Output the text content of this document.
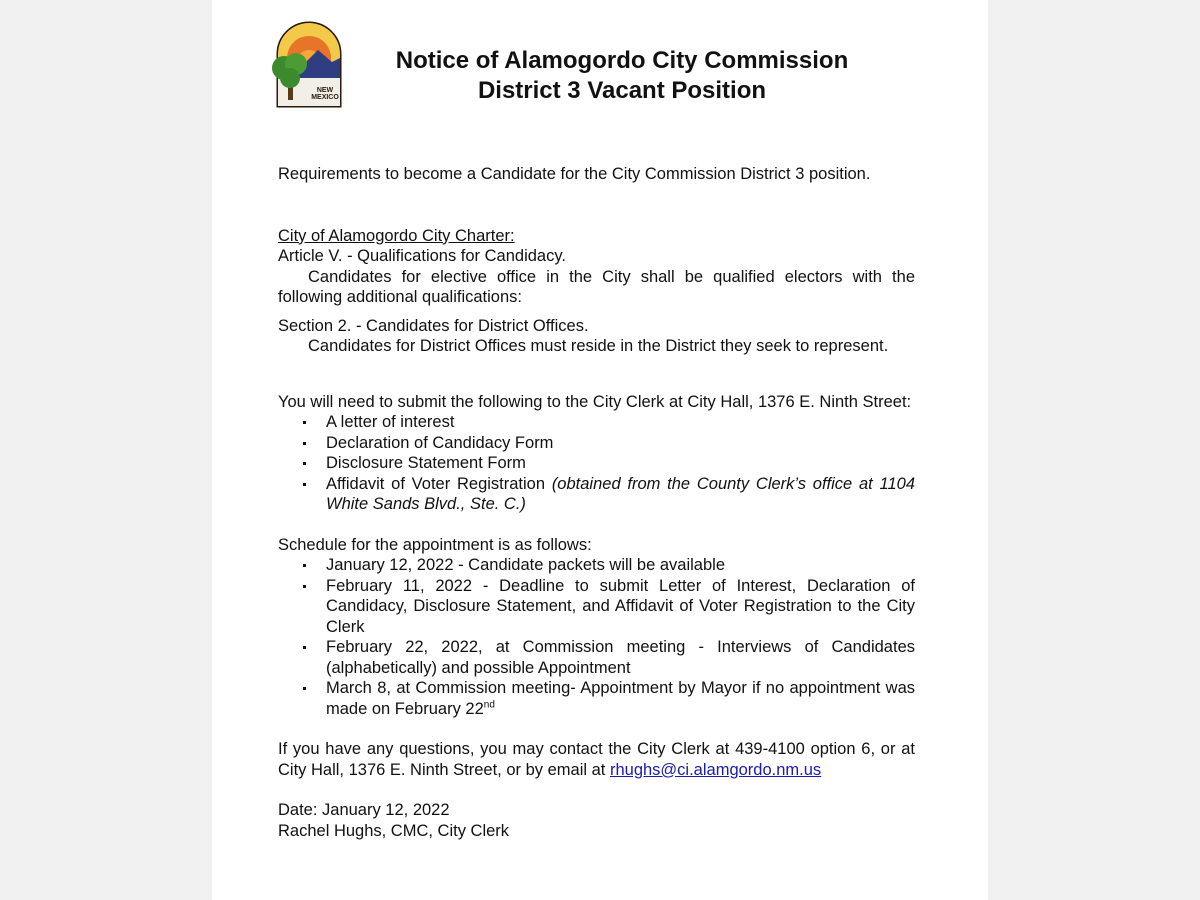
NEW MEXICO
Notice of Alamogordo City Commission
District 3 Vacant Position

Requirements to become a Candidate for the City Commission District 3 position.

City of Alamogordo City Charter:

Article V. - Qualifications for Candidacy.

Candidates for elective office in the City shall be qualified electors with the following additional qualifications:

Section 2. - Candidates for District Offices.

Candidates for District Offices must reside in the District they seek to represent.

You will need to submit the following to the City Clerk at City Hall, 1376 E. Ninth Street:

A letter of interest
Declaration of Candidacy Form
Disclosure Statement Form
Affidavit of Voter Registration (obtained from the County Clerk’s office at 1104 White Sands Blvd., Ste. C.)

Schedule for the appointment is as follows:

January 12, 2022 - Candidate packets will be available
February 11, 2022 - Deadline to submit Letter of Interest, Declaration of Candidacy, Disclosure Statement, and Affidavit of Voter Registration to the City Clerk
February 22, 2022, at Commission meeting - Interviews of Candidates (alphabetically) and possible Appointment
March 8, at Commission meeting- Appointment by Mayor if no appointment was made on February 22nd

If you have any questions, you may contact the City Clerk at 439-4100 option 6, or at City Hall, 1376 E. Ninth Street, or by email at rhughs@ci.alamgordo.nm.us

Date: January 12, 2022

Rachel Hughs, CMC, City Clerk
